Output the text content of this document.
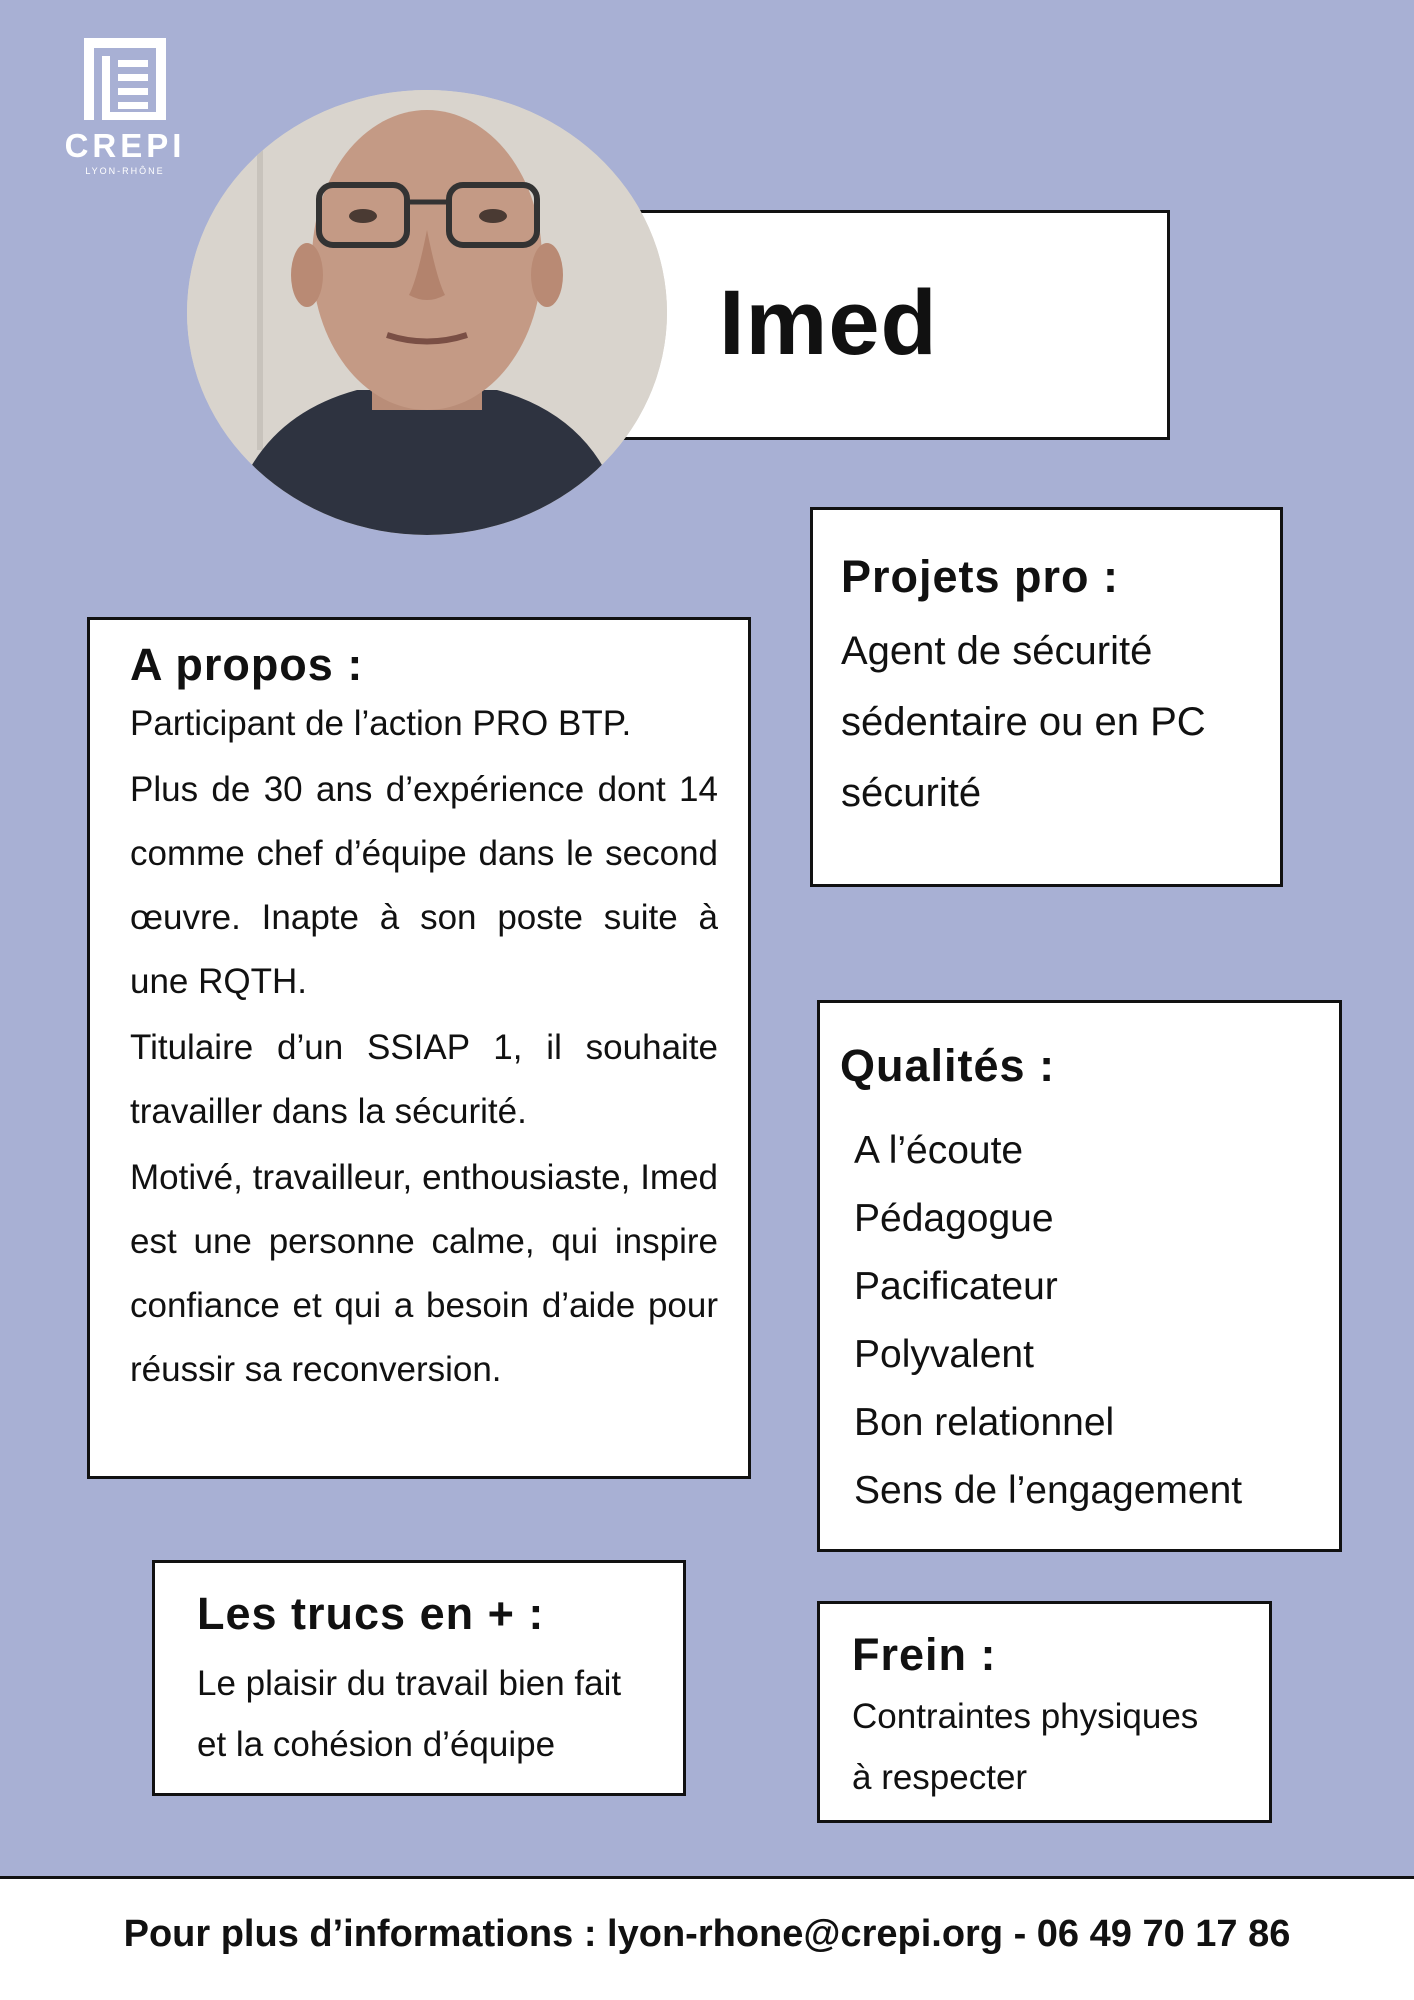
CREPI
LYON-RHÔNE
Imed
A propos :

Participant de l’action PRO BTP.

Plus de 30 ans d’expérience dont 14 comme chef d’équipe dans le second œuvre. Inapte à son poste suite à une RQTH.

Titulaire d’un SSIAP 1, il souhaite travailler dans la sécurité.

Motivé, travailleur, enthousiaste, Imed est une personne calme, qui inspire confiance et qui a besoin d’aide pour réussir sa reconversion.

Projets pro :

Agent de sécurité sédentaire ou en PC sécurité

Qualités :
A l’écoute
Pédagogue
Pacificateur
Polyvalent
Bon relationnel
Sens de l’engagement
Les trucs en + :

Le plaisir du travail bien fait
et la cohésion d’équipe

Frein :

Contraintes physiques
à respecter

Pour plus d’informations : lyon-rhone@crepi.org - 06 49 70 17 86
